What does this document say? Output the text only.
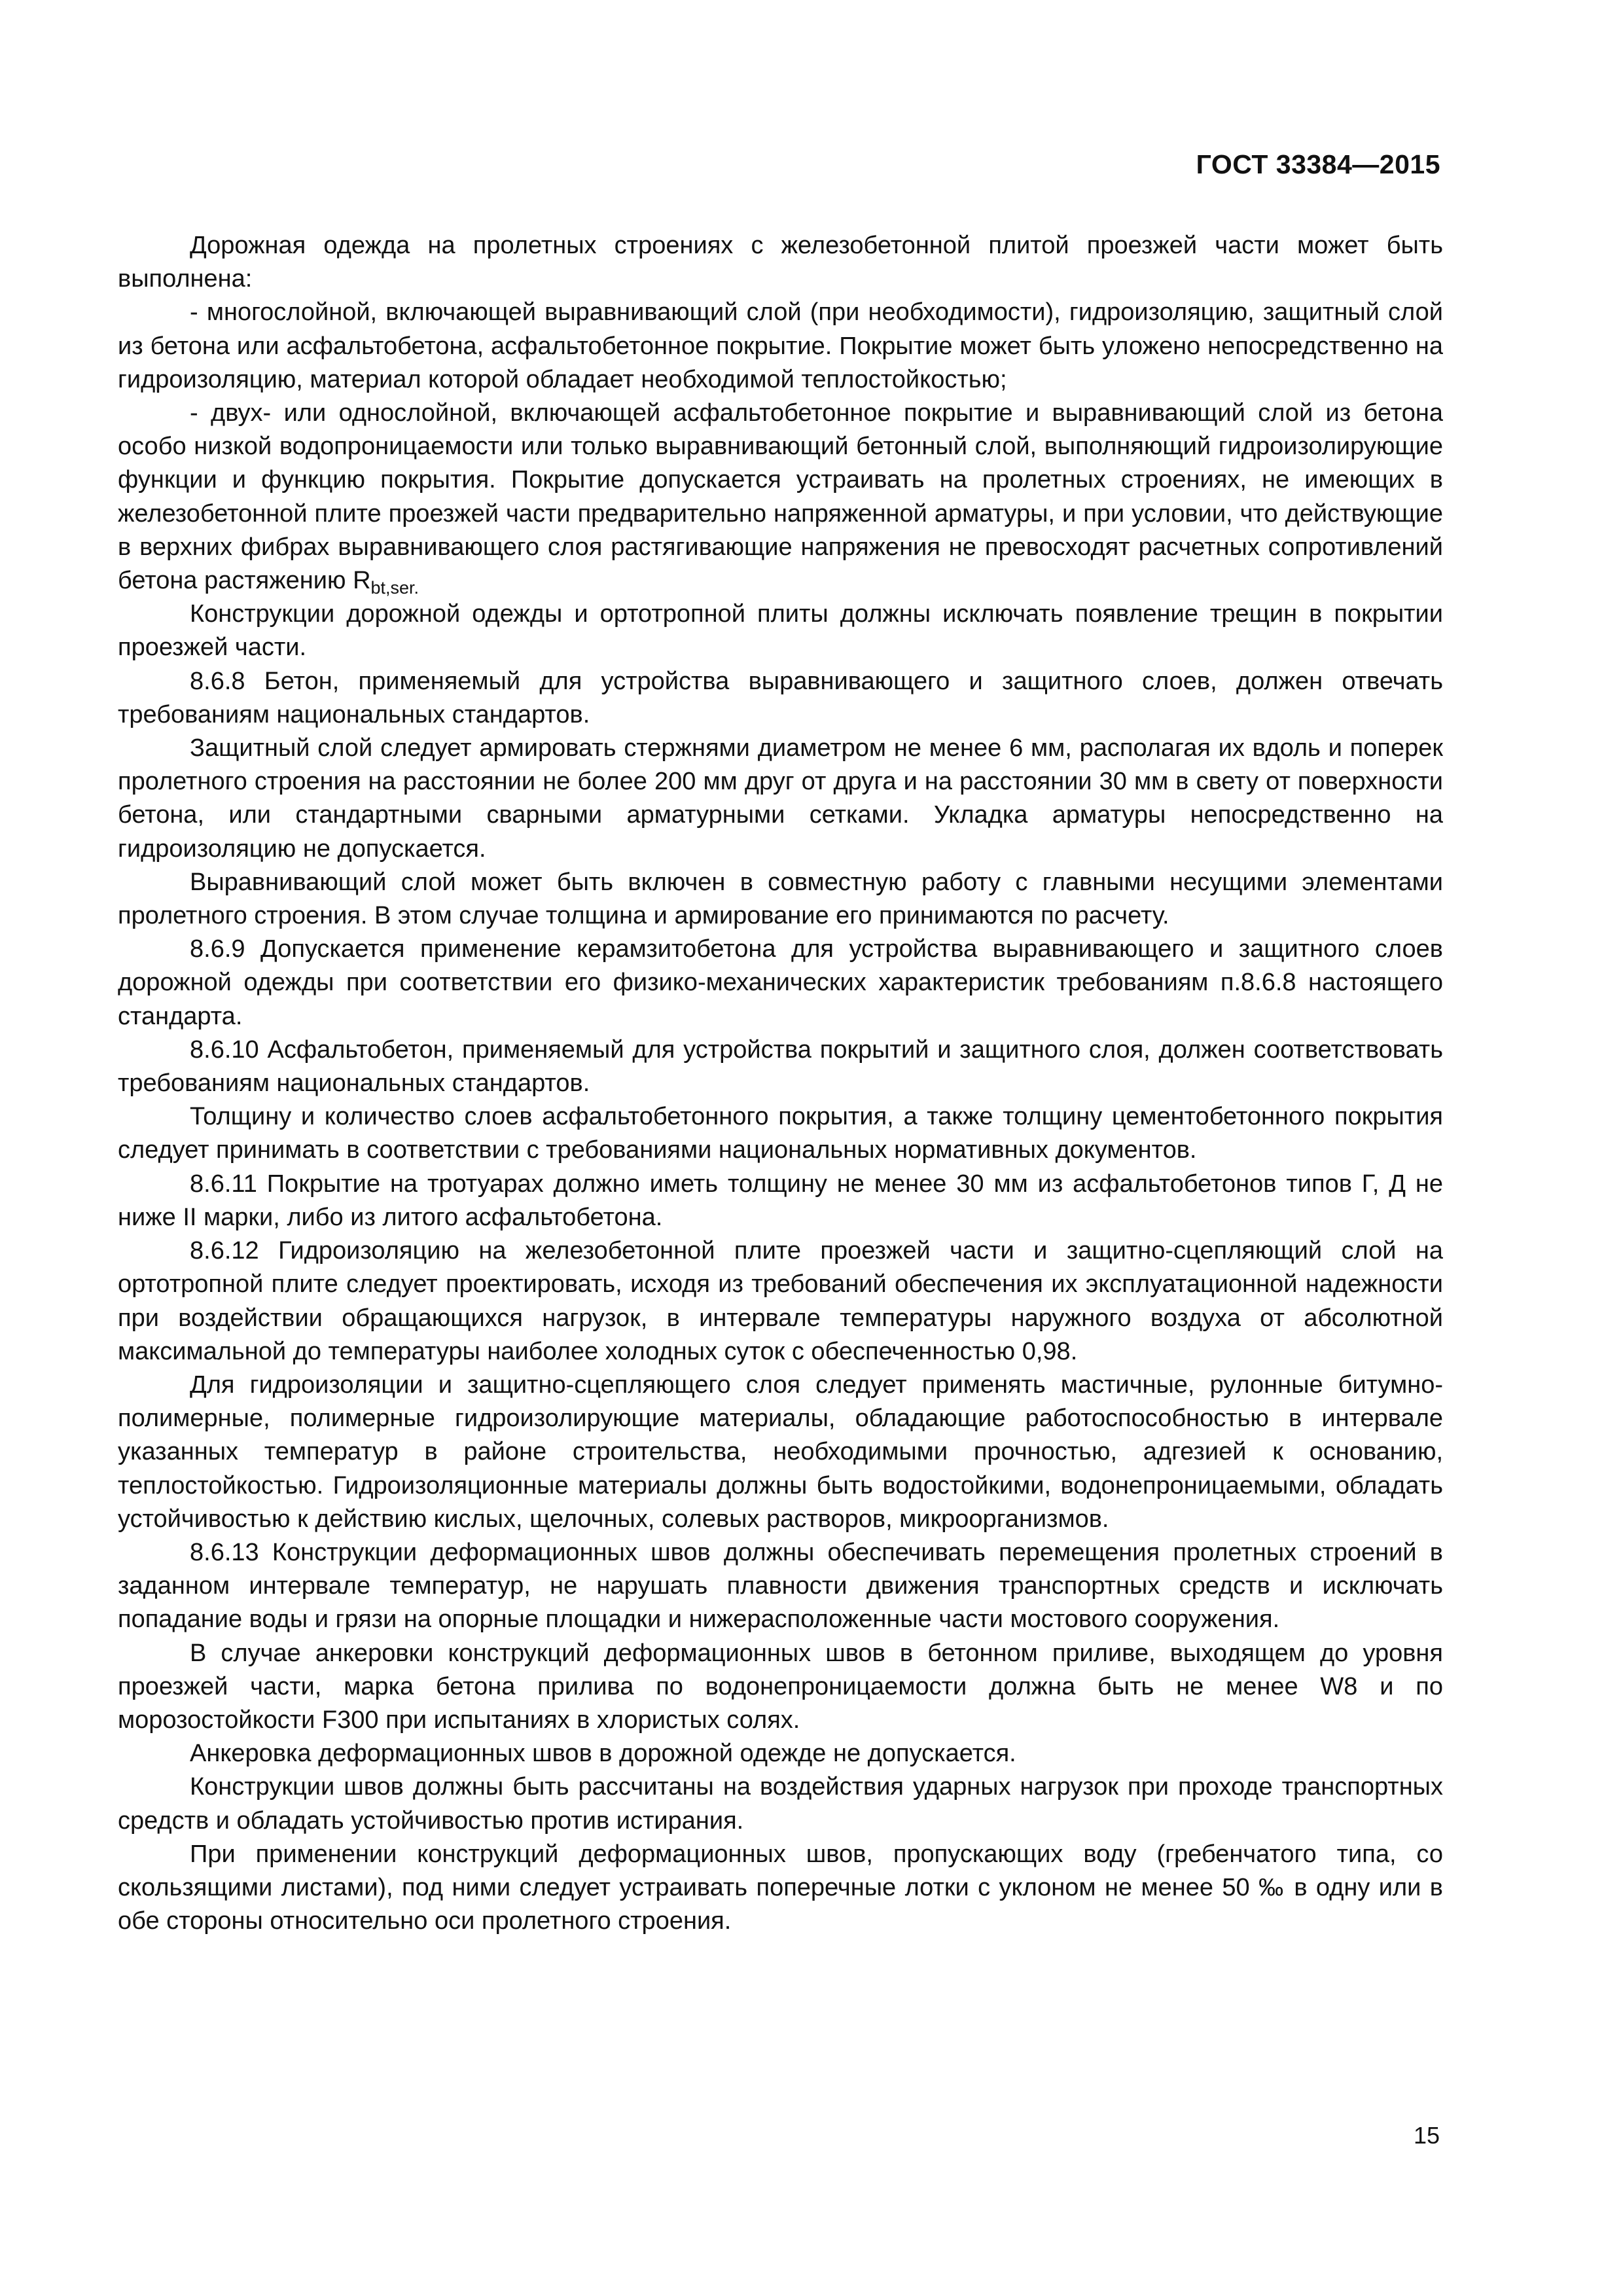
ГОСТ 33384—2015

Дорожная одежда на пролетных строениях с железобетонной плитой проезжей части может быть выполнена:

- многослойной, включающей выравнивающий слой (при необходимости), гидроизоляцию, защитный слой из бетона или асфальтобетона, асфальтобетонное покрытие. Покрытие может быть уложено непосредственно на гидроизоляцию, материал которой обладает необходимой теплостойкостью;

- двух- или однослойной, включающей асфальтобетонное покрытие и выравнивающий слой из бетона особо низкой водопроницаемости или только выравнивающий бетонный слой, выполняющий гидроизолирующие функции и функцию покрытия. Покрытие допускается устраивать на пролетных строениях, не имеющих в железобетонной плите проезжей части предварительно напряженной арматуры, и при условии, что действующие в верхних фибрах выравнивающего слоя растягивающие напряжения не превосходят расчетных сопротивлений бетона растяжению $R_{bt,ser.}$

Конструкции дорожной одежды и ортотропной плиты должны исключать появление трещин в покрытии проезжей части.

8.6.8 Бетон, применяемый для устройства выравнивающего и защитного слоев, должен отвечать требованиям национальных стандартов.

Защитный слой следует армировать стержнями диаметром не менее 6 мм, располагая их вдоль и поперек пролетного строения на расстоянии не более 200 мм друг от друга и на расстоянии 30 мм в свету от поверхности бетона, или стандартными сварными арматурными сетками. Укладка арматуры непосредственно на гидроизоляцию не допускается.

Выравнивающий слой может быть включен в совместную работу с главными несущими элементами пролетного строения. В этом случае толщина и армирование его принимаются по расчету.

8.6.9 Допускается применение керамзитобетона для устройства выравнивающего и защитного слоев дорожной одежды при соответствии его физико-механических характеристик требованиям п.8.6.8 настоящего стандарта.

8.6.10 Асфальтобетон, применяемый для устройства покрытий и защитного слоя, должен соответствовать требованиям национальных стандартов.

Толщину и количество слоев асфальтобетонного покрытия, а также толщину цементобетонного покрытия следует принимать в соответствии с требованиями национальных нормативных документов.

8.6.11 Покрытие на тротуарах должно иметь толщину не менее 30 мм из асфальтобетонов типов Г, Д не ниже II марки, либо из литого асфальтобетона.

8.6.12 Гидроизоляцию на железобетонной плите проезжей части и защитно-сцепляющий слой на ортотропной плите следует проектировать, исходя из требований обеспечения их эксплуатационной надежности при воздействии обращающихся нагрузок, в интервале температуры наружного воздуха от абсолютной максимальной до температуры наиболее холодных суток с обеспеченностью 0,98.

Для гидроизоляции и защитно-сцепляющего слоя следует применять мастичные, рулонные битумно-полимерные, полимерные гидроизолирующие материалы, обладающие работоспособностью в интервале указанных температур в районе строительства, необходимыми прочностью, адгезией к основанию, теплостойкостью. Гидроизоляционные материалы должны быть водостойкими, водонепроницаемыми, обладать устойчивостью к действию кислых, щелочных, солевых растворов, микроорганизмов.

8.6.13 Конструкции деформационных швов должны обеспечивать перемещения пролетных строений в заданном интервале температур, не нарушать плавности движения транспортных средств и исключать попадание воды и грязи на опорные площадки и нижерасположенные части мостового сооружения.

В случае анкеровки конструкций деформационных швов в бетонном приливе, выходящем до уровня проезжей части, марка бетона прилива по водонепроницаемости должна быть не менее W8 и по морозостойкости F300 при испытаниях в хлористых солях.

Анкеровка деформационных швов в дорожной одежде не допускается.

Конструкции швов должны быть рассчитаны на воздействия ударных нагрузок при проходе транспортных средств и обладать устойчивостью против истирания.

При применении конструкций деформационных швов, пропускающих воду (гребенчатого типа, со скользящими листами), под ними следует устраивать поперечные лотки с уклоном не менее 50 ‰ в одну или в обе стороны относительно оси пролетного строения.

15
